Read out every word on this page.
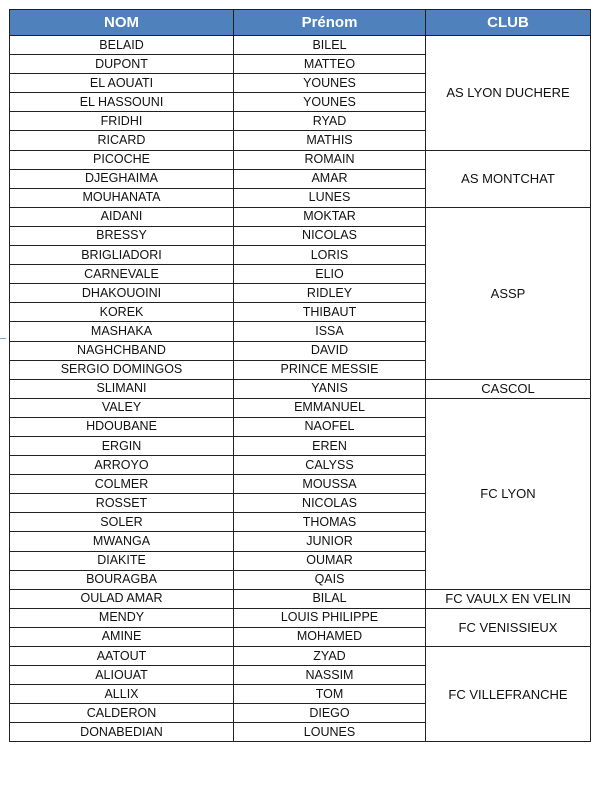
NOM	Prénom	CLUB
BELAID	BILEL	AS LYON DUCHERE
DUPONT	MATTEO	
EL AOUATI	YOUNES	
EL HASSOUNI	YOUNES	
FRIDHI	RYAD	
RICARD	MATHIS	
PICOCHE	ROMAIN	AS MONTCHAT
DJEGHAIMA	AMAR	
MOUHANATA	LUNES	
AIDANI	MOKTAR	ASSP
BRESSY	NICOLAS	
BRIGLIADORI	LORIS	
CARNEVALE	ELIO	
DHAKOUOINI	RIDLEY	
KOREK	THIBAUT	
MASHAKA	ISSA	
NAGHCHBAND	DAVID	
SERGIO DOMINGOS	PRINCE MESSIE	
SLIMANI	YANIS	CASCOL
VALEY	EMMANUEL	FC LYON
HDOUBANE	NAOFEL	
ERGIN	EREN	
ARROYO	CALYSS	
COLMER	MOUSSA	
ROSSET	NICOLAS	
SOLER	THOMAS	
MWANGA	JUNIOR	
DIAKITE	OUMAR	
BOURAGBA	QAIS	
OULAD AMAR	BILAL	FC VAULX EN VELIN
MENDY	LOUIS PHILIPPE	FC VENISSIEUX
AMINE	MOHAMED	
AATOUT	ZYAD	FC VILLEFRANCHE
ALIOUAT	NASSIM	
ALLIX	TOM	
CALDERON	DIEGO	
DONABEDIAN	LOUNES	
